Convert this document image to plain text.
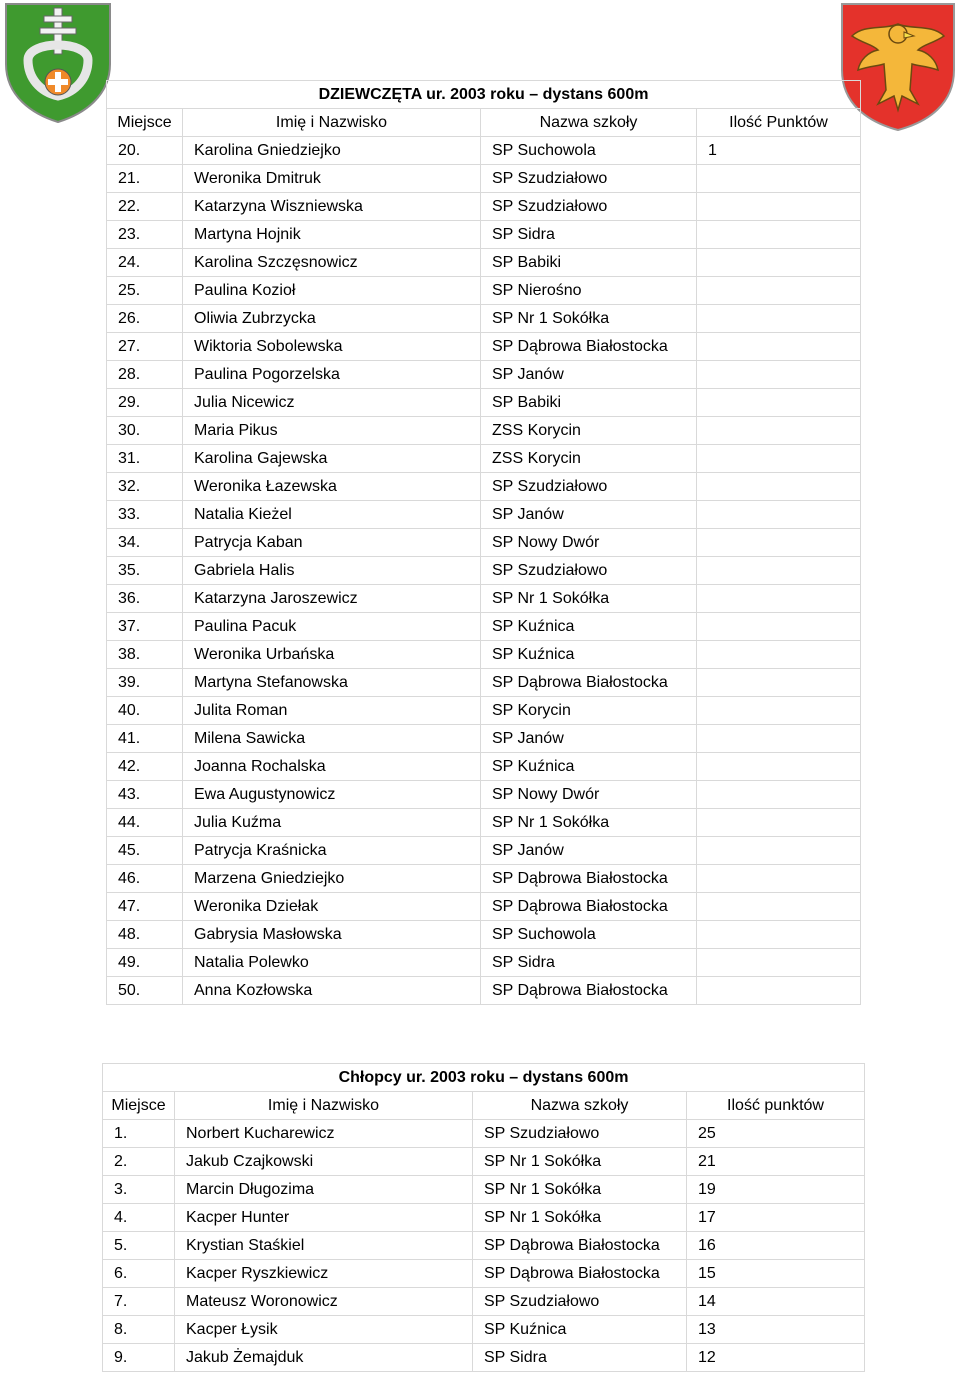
DZIEWCZĘTA ur. 2003 roku – dystans 600m			
Miejsce	Imię i Nazwisko	Nazwa szkoły	Ilość Punktów
20.	Karolina Gniedziejko	SP Suchowola	1
21.	Weronika Dmitruk	SP Szudziałowo	
22.	Katarzyna Wiszniewska	SP Szudziałowo	
23.	Martyna Hojnik	SP Sidra	
24.	Karolina Szczęsnowicz	SP Babiki	
25.	Paulina Kozioł	SP Nierośno	
26.	Oliwia Zubrzycka	SP Nr 1 Sokółka	
27.	Wiktoria Sobolewska	SP Dąbrowa Białostocka	
28.	Paulina Pogorzelska	SP Janów	
29.	Julia Nicewicz	SP Babiki	
30.	Maria Pikus	ZSS Korycin	
31.	Karolina Gajewska	ZSS Korycin	
32.	Weronika Łazewska	SP Szudziałowo	
33.	Natalia Kieżel	SP Janów	
34.	Patrycja Kaban	SP Nowy Dwór	
35.	Gabriela Halis	SP Szudziałowo	
36.	Katarzyna Jaroszewicz	SP Nr 1 Sokółka	
37.	Paulina Pacuk	SP Kuźnica	
38.	Weronika Urbańska	SP Kuźnica	
39.	Martyna Stefanowska	SP Dąbrowa Białostocka	
40.	Julita Roman	SP Korycin	
41.	Milena Sawicka	SP Janów	
42.	Joanna Rochalska	SP Kuźnica	
43.	Ewa Augustynowicz	SP Nowy Dwór	
44.	Julia Kuźma	SP Nr 1 Sokółka	
45.	Patrycja Kraśnicka	SP Janów	
46.	Marzena Gniedziejko	SP Dąbrowa Białostocka	
47.	Weronika Dziełak	SP Dąbrowa Białostocka	
48.	Gabrysia Masłowska	SP Suchowola	
49.	Natalia Polewko	SP Sidra	
50.	Anna Kozłowska	SP Dąbrowa Białostocka	
Chłopcy ur. 2003 roku – dystans 600m			
Miejsce	Imię i Nazwisko	Nazwa szkoły	Ilość punktów
1.	Norbert Kucharewicz	SP Szudziałowo	25
2.	Jakub Czajkowski	SP Nr 1 Sokółka	21
3.	Marcin Długozima	SP Nr 1 Sokółka	19
4.	Kacper Hunter	SP Nr 1 Sokółka	17
5.	Krystian Staśkiel	SP Dąbrowa Białostocka	16
6.	Kacper Ryszkiewicz	SP Dąbrowa Białostocka	15
7.	Mateusz Woronowicz	SP Szudziałowo	14
8.	Kacper Łysik	SP Kuźnica	13
9.	Jakub Żemajduk	SP Sidra	12
